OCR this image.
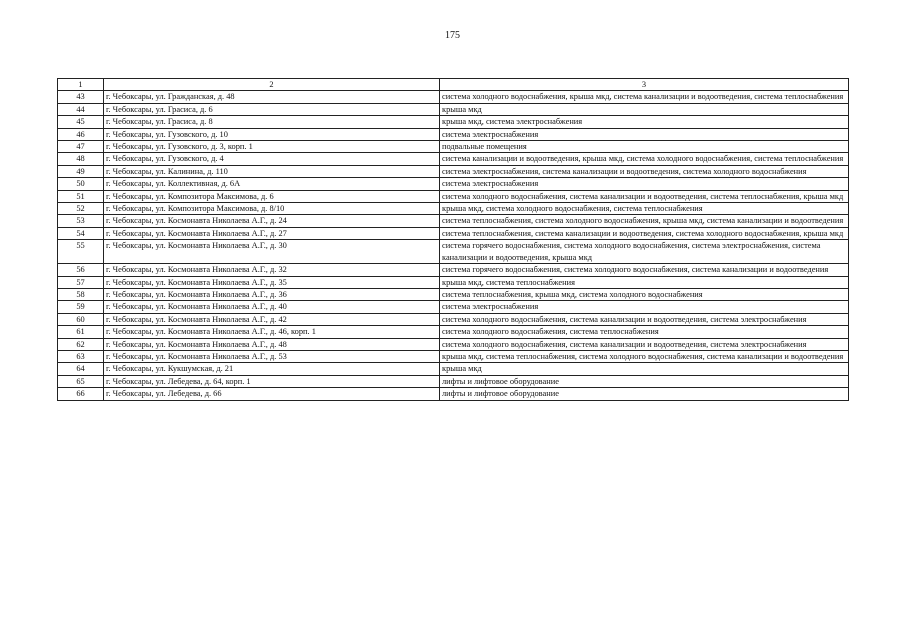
175
1	2	3
43	г. Чебоксары, ул. Гражданская, д. 48	система холодного водоснабжения, крыша мкд, система канализации и водоотведения, система теплоснабжения
44	г. Чебоксары, ул. Грасиса, д. 6	крыша мкд
45	г. Чебоксары, ул. Грасиса, д. 8	крыша мкд, система электроснабжения
46	г. Чебоксары, ул. Гузовского, д. 10	система электроснабжения
47	г. Чебоксары, ул. Гузовского, д. 3, корп. 1	подвальные помещения
48	г. Чебоксары, ул. Гузовского, д. 4	система канализации и водоотведения, крыша мкд, система холодного водоснабжения, система теплоснабжения
49	г. Чебоксары, ул. Калинина, д. 110	система электроснабжения, система канализации и водоотведения, система холодного водоснабжения
50	г. Чебоксары, ул. Коллективная, д. 6А	система электроснабжения
51	г. Чебоксары, ул. Композитора Максимова, д. 6	система холодного водоснабжения, система канализации и водоотведения, система теплоснабжения, крыша мкд
52	г. Чебоксары, ул. Композитора Максимова, д. 8/10	крыша мкд, система холодного водоснабжения, система теплоснабжения
53	г. Чебоксары, ул. Космонавта Николаева А.Г., д. 24	система теплоснабжения, система холодного водоснабжения, крыша мкд, система канализации и водоотведения
54	г. Чебоксары, ул. Космонавта Николаева А.Г., д. 27	система теплоснабжения, система канализации и водоотведения, система холодного водоснабжения, крыша мкд
55	г. Чебоксары, ул. Космонавта Николаева А.Г., д. 30	система горячего водоснабжения, система холодного водоснабжения, система электроснабжения, система канализации и водоотведения, крыша мкд
56	г. Чебоксары, ул. Космонавта Николаева А.Г., д. 32	система горячего водоснабжения, система холодного водоснабжения, система канализации и водоотведения
57	г. Чебоксары, ул. Космонавта Николаева А.Г., д. 35	крыша мкд, система теплоснабжения
58	г. Чебоксары, ул. Космонавта Николаева А.Г., д. 36	система теплоснабжения, крыша мкд, система холодного водоснабжения
59	г. Чебоксары, ул. Космонавта Николаева А.Г., д. 40	система электроснабжения
60	г. Чебоксары, ул. Космонавта Николаева А.Г., д. 42	система холодного водоснабжения, система канализации и водоотведения, система электроснабжения
61	г. Чебоксары, ул. Космонавта Николаева А.Г., д. 46, корп. 1	система холодного водоснабжения, система теплоснабжения
62	г. Чебоксары, ул. Космонавта Николаева А.Г., д. 48	система холодного водоснабжения, система канализации и водоотведения, система электроснабжения
63	г. Чебоксары, ул. Космонавта Николаева А.Г., д. 53	крыша мкд, система теплоснабжения, система холодного водоснабжения, система канализации и водоотведения
64	г. Чебоксары, ул. Кукшумская, д. 21	крыша мкд
65	г. Чебоксары, ул. Лебедева, д. 64, корп. 1	лифты и лифтовое оборудование
66	г. Чебоксары, ул. Лебедева, д. 66	лифты и лифтовое оборудование
